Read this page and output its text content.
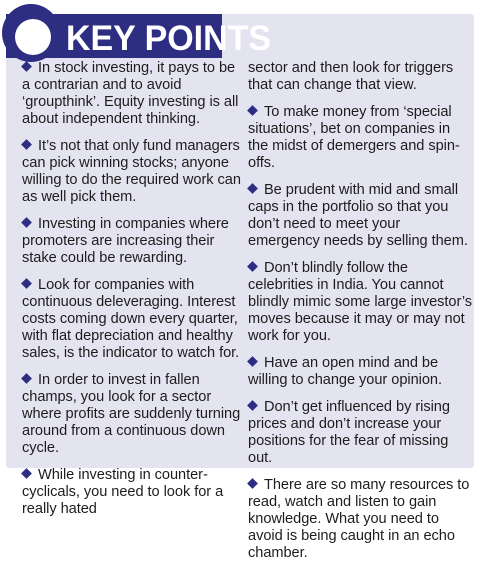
KEY POINTS

In stock investing, it pays to be a contrarian and to avoid ‘groupthink’. Equity investing is all about independent thinking.

It’s not that only fund managers can pick winning stocks; anyone willing to do the required work can as well pick them.

Investing in companies where promoters are increasing their stake could be rewarding.

Look for companies with continuous deleveraging. Interest costs coming down every quarter, with flat depreciation and healthy sales, is the indicator to watch for.

In order to invest in fallen champs, you look for a sector where profits are suddenly turning around from a continuous down cycle.

While investing in counter-cyclicals, you need to look for a really hated

sector and then look for triggers that can change that view.

To make money from ‘special situations’, bet on companies in the midst of demergers and spin-offs.

Be prudent with mid and small caps in the portfolio so that you don’t need to meet your emergency needs by selling them.

Don’t blindly follow the celebrities in India. You cannot blindly mimic some large investor’s moves because it may or may not work for you.

Have an open mind and be willing to change your opinion.

Don’t get influenced by rising prices and don’t increase your positions for the fear of missing out.

There are so many resources to read, watch and listen to gain knowledge. What you need to avoid is being caught in an echo chamber.
